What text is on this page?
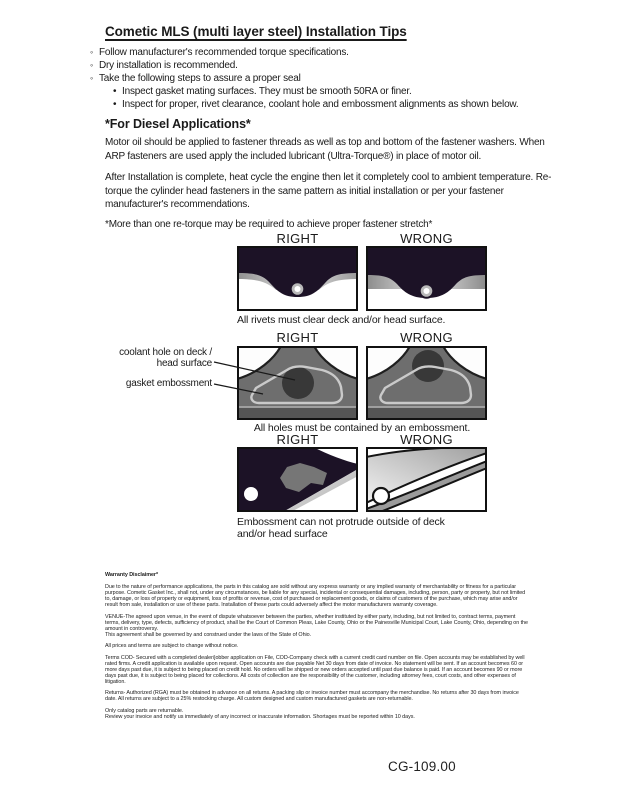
Cometic MLS (multi layer steel) Installation Tips
◦ Follow manufacturer's recommended torque specifications.
◦ Dry installation is recommended.
◦ Take the following steps to assure a proper seal
• Inspect gasket mating surfaces. They must be smooth 50RA or finer.
• Inspect for proper, rivet clearance, coolant hole and embossment alignments as shown below.
*For Diesel Applications*
Motor oil should be applied to fastener threads as well as top and bottom of the fastener washers. When ARP fasteners are used apply the included lubricant (Ultra-Torque®) in place of motor oil.
After Installation is complete, heat cycle the engine then let it completely cool to ambient temperature. Re-torque the cylinder head fasteners in the same pattern as initial installation or per your fastener manufacturer's recommendations.
*More than one re-torque may be required to achieve proper fastener stretch*
RIGHT	WRONG
All rivets must clear deck and/or head surface.
RIGHT	WRONG
coolant hole on deck / head surface
gasket embossment
All holes must be contained by an embossment.
RIGHT	WRONG
Embossment can not protrude outside of deck and/or head surface
Warranty Disclaimer*
Due to the nature of performance applications, the parts in this catalog are sold without any express warranty or any implied warranty of merchantability or fitness for a particular purpose. Cometic Gasket Inc., shall not, under any circumstances, be liable for any special, incidental or consequential damages, including, person, party or property, but not limited to, damage, or loss of property or equipment, loss of profits or revenue, cost of purchased or replacement goods, or claims of customers of the purchase, which may arise and/or result from sale, installation or use of these parts. Installation of these parts could adversely affect the motor manufacturers warranty coverage.
VENUE-The agreed upon venue, in the event of dispute whatsoever between the parties, whether instituted by either party, including, but not limited to, contract terms, payment terms, delivery, type, defects, sufficiency of product, shall be the Court of Common Pleas, Lake County, Ohio or the Painesville Municipal Court, Lake County, Ohio, depending on the amount in controversy.
This agreement shall be governed by and construed under the laws of the State of Ohio.
All prices and terms are subject to change without notice.
Terms COD- Secured with a completed dealer/jobber application on File, COD-Company check with a current credit card number on file. Open accounts may be established by well rated firms. A credit application is available upon request. Open accounts are due payable Net 30 days from date of invoice. No statement will be sent. If an account becomes 60 or more days past due, it is subject to being placed on credit hold. No orders will be shipped or new orders accepted until past due balance is paid. If an account becomes 90 or more days past due, it is subject to being placed for collections. All costs of collection are the responsibility of the customer, including attorney fees, court costs, and other expenses of litigation.
Returns- Authorized (RGA) must be obtained in advance on all returns. A packing slip or invoice number must accompany the merchandise. No returns after 30 days from invoice date. All returns are subject to a 25% restocking charge. All custom designed and custom manufactured gaskets are non-returnable.
Only catalog parts are returnable.
Review your invoice and notify us immediately of any incorrect or inaccurate information. Shortages must be reported within 10 days.
CG-109.00
